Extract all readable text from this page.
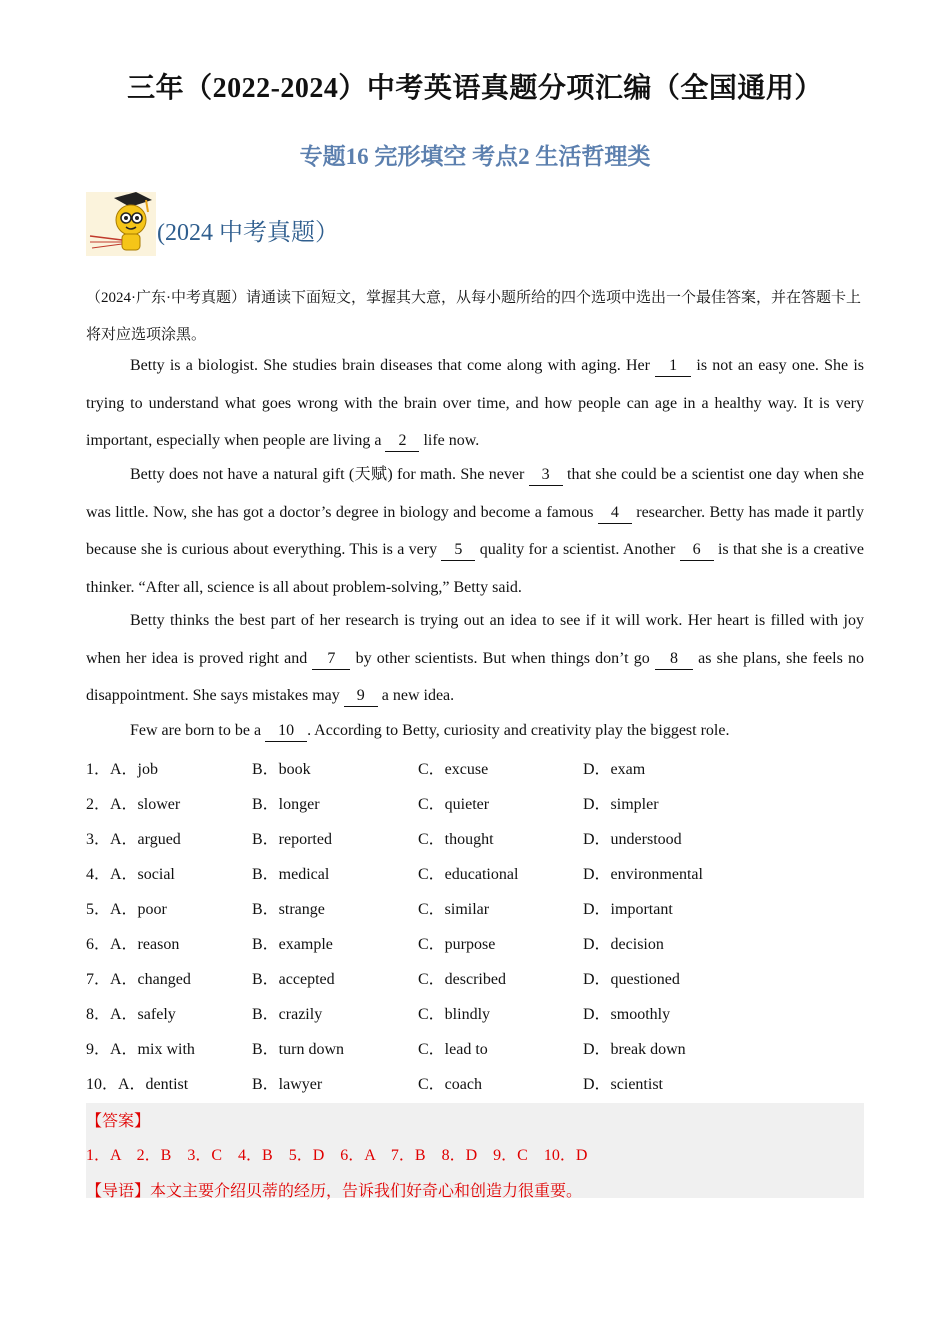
三年（2022-2024）中考英语真题分项汇编（全国通用）
专题16 完形填空 考点2 生活哲理类
(2024 中考真题）
（2024·广东·中考真题）请通读下面短文，掌握其大意，从每小题所给的四个选项中选出一个最佳答案，并在答题卡上将对应选项涂黑。
Betty is a biologist. She studies brain diseases that come along with aging. Her 1 is not an easy one. She is trying to understand what goes wrong with the brain over time, and how people can age in a healthy way. It is very important, especially when people are living a 2 life now.
Betty does not have a natural gift (天赋) for math. She never 3 that she could be a scientist one day when she was little. Now, she has got a doctor’s degree in biology and become a famous 4 researcher. Betty has made it partly because she is curious about everything. This is a very 5 quality for a scientist. Another 6 is that she is a creative thinker. “After all, science is all about problem-solving,” Betty said.
Betty thinks the best part of her research is trying out an idea to see if it will work. Her heart is filled with joy when her idea is proved right and 7 by other scientists. But when things don’t go 8 as she plans, she feels no disappointment. She says mistakes may 9 a new idea.
Few are born to be a 10 . According to Betty, curiosity and creativity play the biggest role.
1．A．job	B．book	C．excuse	D．exam
2．A．slower	B．longer	C．quieter	D．simpler
3．A．argued	B．reported	C．thought	D．understood
4．A．social	B．medical	C．educational	D．environmental
5．A．poor	B．strange	C．similar	D．important
6．A．reason	B．example	C．purpose	D．decision
7．A．changed	B．accepted	C．described	D．questioned
8．A．safely	B．crazily	C．blindly	D．smoothly
9．A．mix with	B．turn down	C．lead to	D．break down
10．A．dentist	B．lawyer	C．coach	D．scientist
【答案】
1．A    2．B    3．C    4．B    5．D    6．A    7．B    8．D    9．C    10．D
【导语】本文主要介绍贝蒂的经历，告诉我们好奇心和创造力很重要。
